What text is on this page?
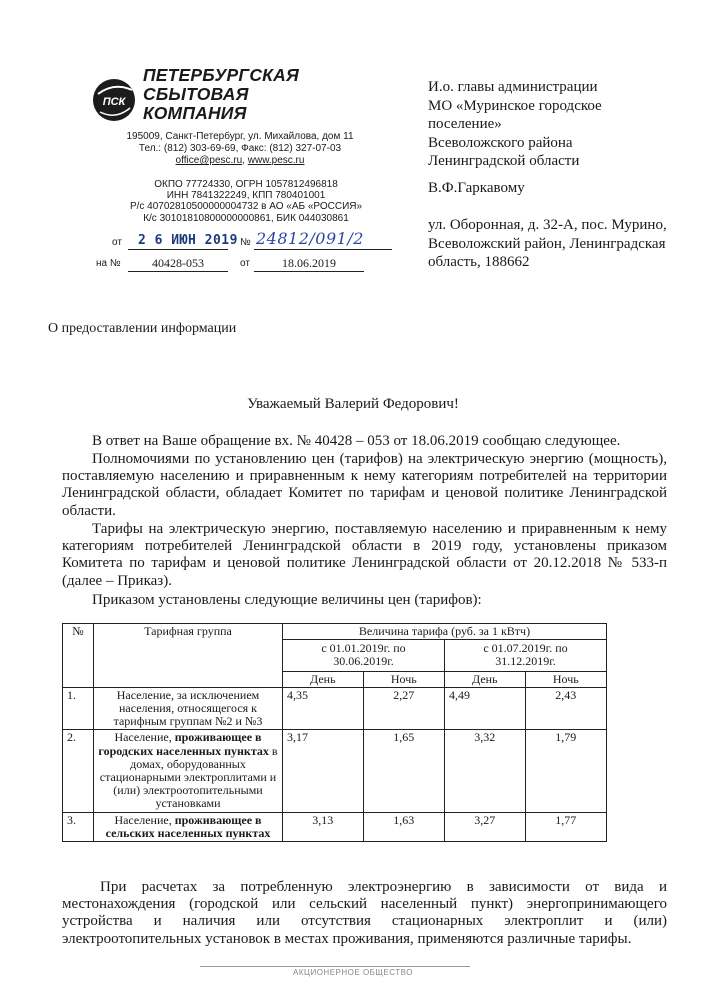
ПСК
ПЕТЕРБУРГСКАЯ
СБЫТОВАЯ
КОМПАНИЯ
195009, Санкт-Петербург, ул. Михайлова, дом 11
Тел.: (812) 303-69-69, Факс: (812) 327-07-03
office@pesc.ru, www.pesc.ru
ОКПО 77724330, ОГРН 1057812496818
ИНН 7841322249, КПП 780401001
Р/с 40702810500000004732 в АО «АБ «РОССИЯ»
К/с 30101810800000000861, БИК 044030861
от 2 6 ИЮН 2019 № 24812/091/2
на №	40428-053	от	18.06.2019
И.о. главы администрации
МО «Муринское городское
поселение»
Всеволожского района
Ленинградской области
В.Ф.Гаркавому
ул. Оборонная, д. 32-А, пос. Мурино,
Всеволожский район, Ленинградская
область, 188662
О предоставлении информации
Уважаемый Валерий Федорович!
В ответ на Ваше обращение вх. № 40428 – 053 от 18.06.2019 сообщаю следующее.
Полномочиями по установлению цен (тарифов) на электрическую энергию (мощность), поставляемую населению и приравненным к нему категориям потребителей на территории Ленинградской области, обладает Комитет по тарифам и ценовой политике Ленинградской области.
Тарифы на электрическую энергию, поставляемую населению и приравненным к нему категориям потребителей Ленинградской области в 2019 году, установлены приказом Комитета по тарифам и ценовой политике Ленинградской области от 20.12.2018 № 533-п (далее – Приказ).
Приказом установлены следующие величины цен (тарифов):
№	Тарифная группа	Величина тарифа (руб. за 1 кВтч)			
		с 01.01.2019г. по 30.06.2019г.		с 01.07.2019г. по 31.12.2019г.	
		День	Ночь	День	Ночь
1.	Население, за исключением населения, относящегося к тарифным группам №2 и №3	4,35	2,27	4,49	2,43
2.	Население, проживающее в городских населенных пунктах в домах, оборудованных стационарными электроплитами и (или) электроотопительными установками	3,17	1,65	3,32	1,79
3.	Население, проживающее в сельских населенных пунктах	3,13	1,63	3,27	1,77
При расчетах за потребленную электроэнергию в зависимости от вида и местонахождения (городской или сельский населенный пункт) энергопринимающего устройства и наличия или отсутствия стационарных электроплит и (или) электроотопительных установок в местах проживания, применяются различные тарифы.
АКЦИОНЕРНОЕ ОБЩЕСТВО
